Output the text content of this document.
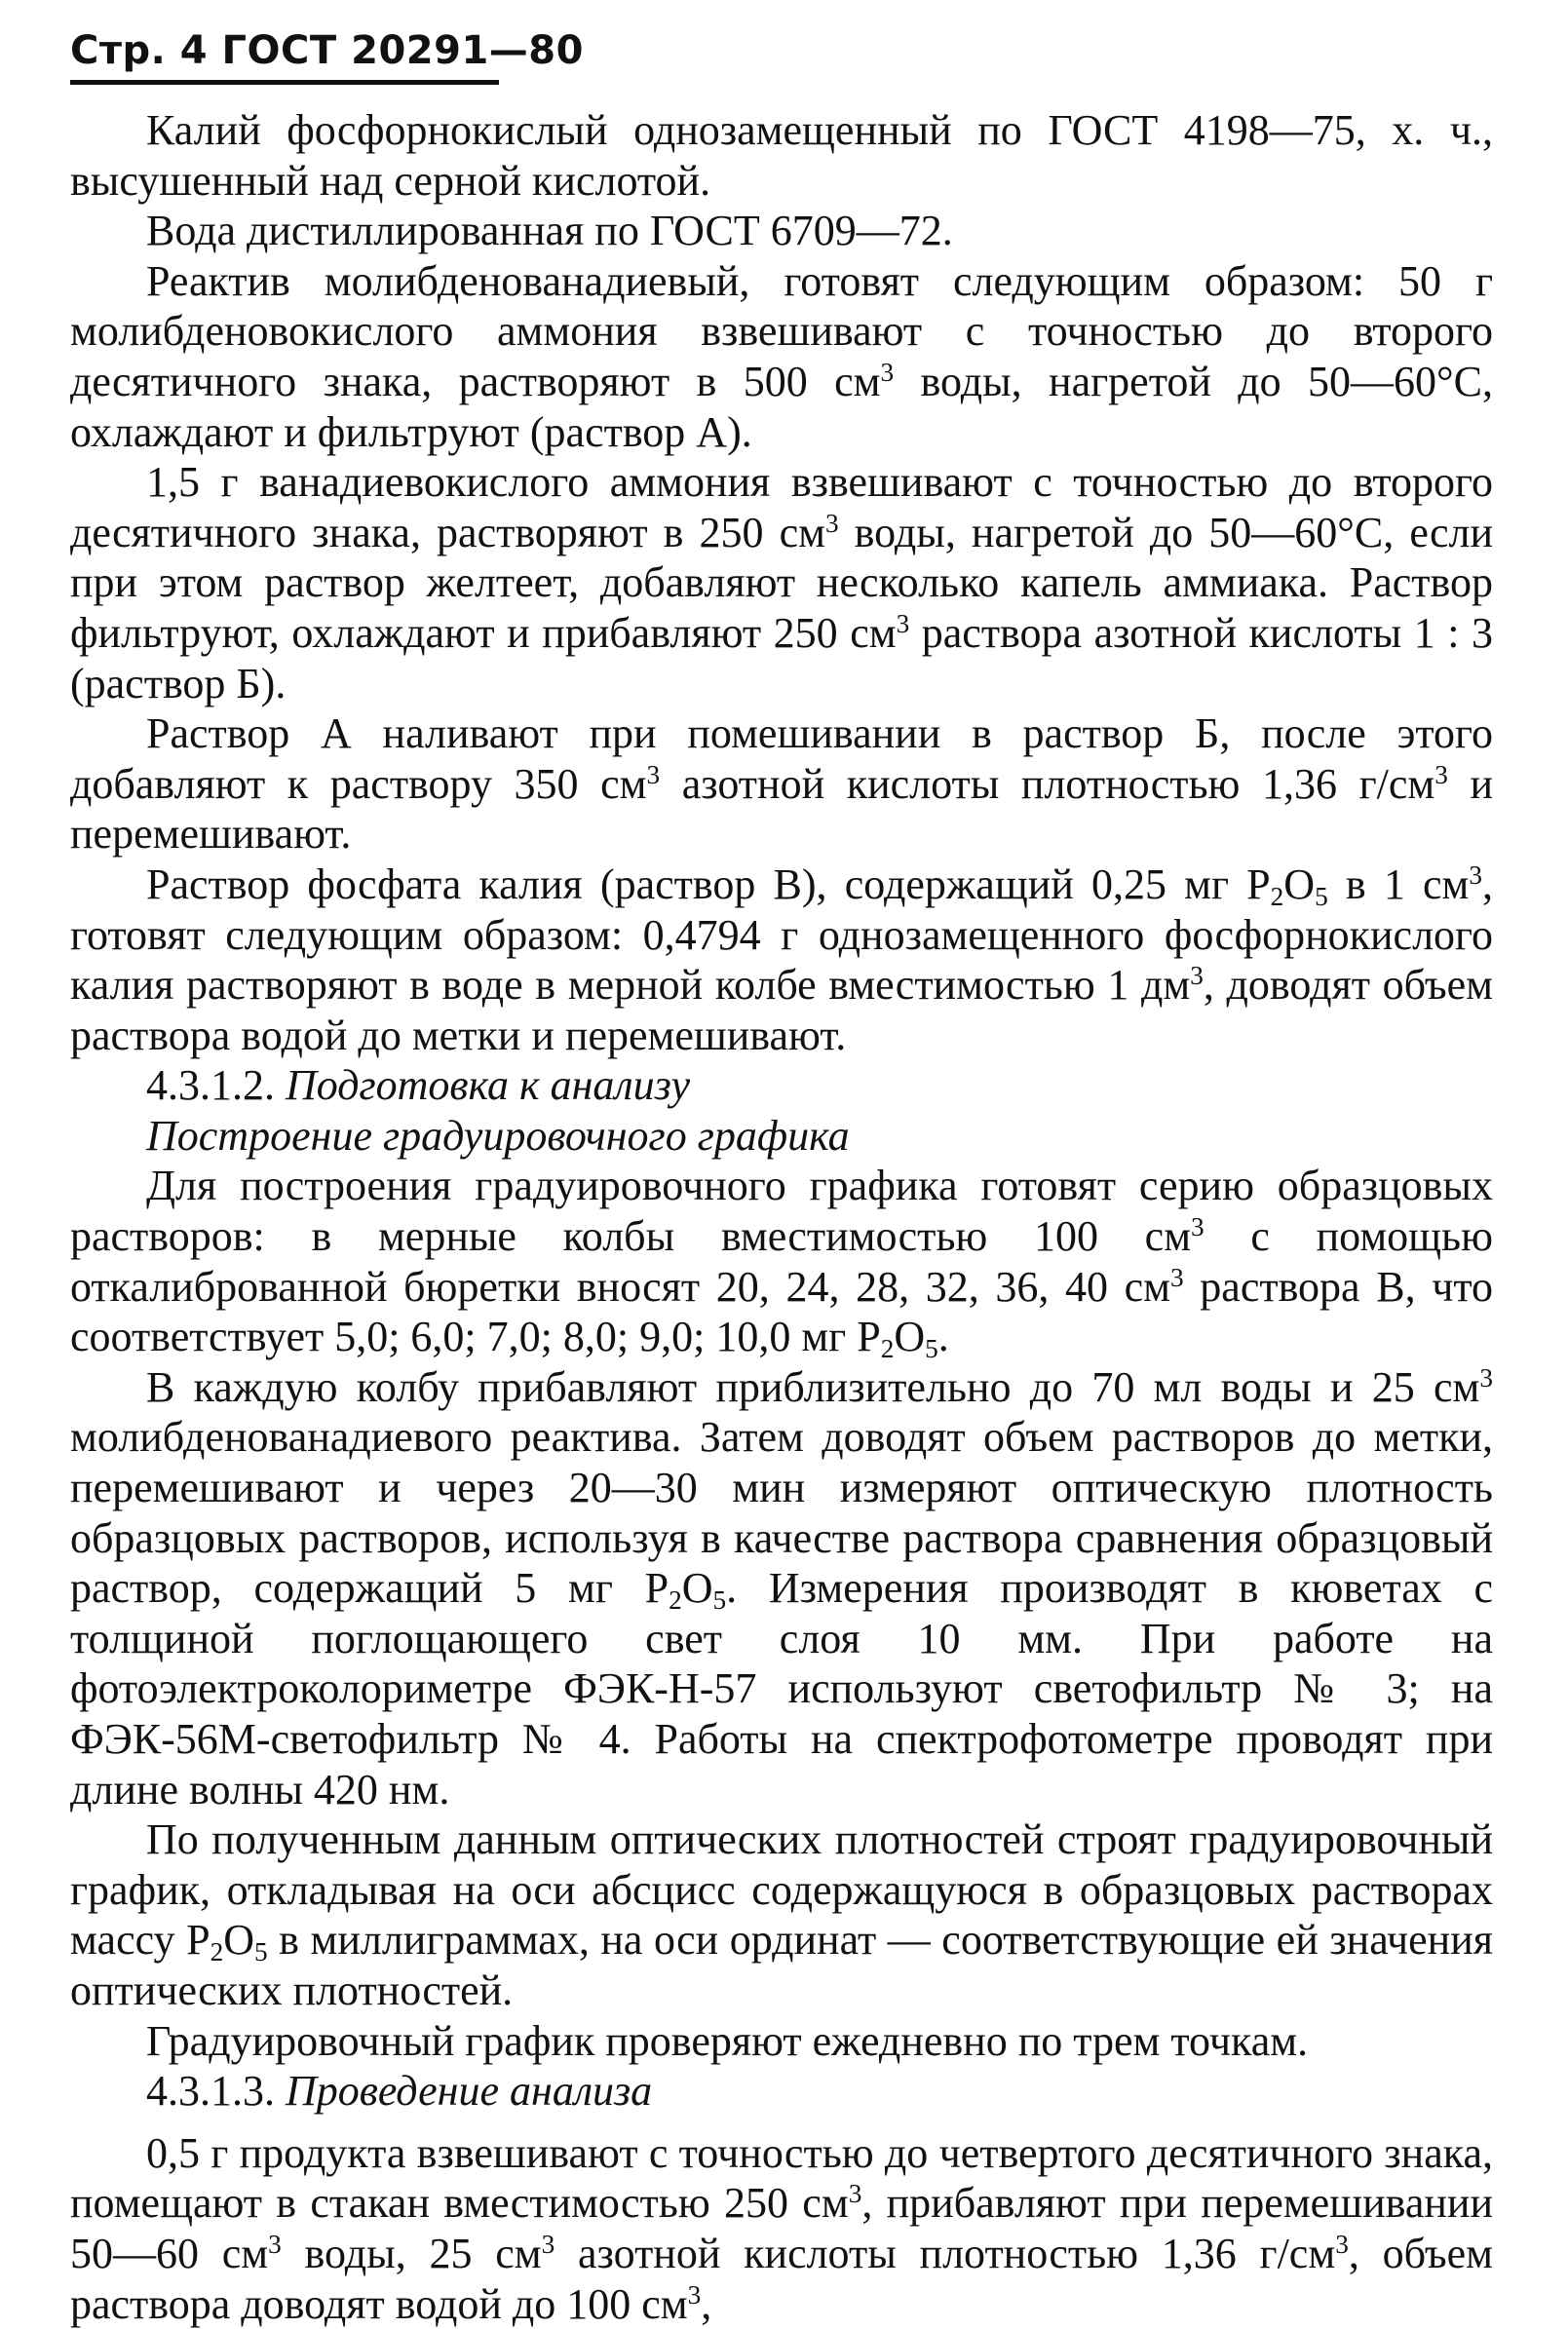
Стр. 4 ГОСТ 20291—80

Калий фосфорнокислый однозамещенный по ГОСТ 4198—75, х. ч., высушенный над серной кислотой.

Вода дистиллированная по ГОСТ 6709—72.

Реактив молибденованадиевый, готовят следующим образом: 50 г молибденовокислого аммония взвешивают с точностью до второго десятичного знака, растворяют в 500 $см^3$ воды, нагретой до 50—60°С, охлаждают и фильтруют (раствор А).

1,5 г ванадиевокислого аммония взвешивают с точностью до второго десятичного знака, растворяют в 250 $см^3$ воды, нагретой до 50—60°С, если при этом раствор желтеет, добавляют несколько капель аммиака. Раствор фильтруют, охлаждают и прибавляют 250 $см^3$ раствора азотной кислоты 1 : 3 (раствор Б).

Раствор А наливают при помешивании в раствор Б, после этого добавляют к раствору 350 $см^3$ азотной кислоты плотностью 1,36 $г/см^3$ и перемешивают.

Раствор фосфата калия (раствор В), содержащий 0,25 мг $P_2O_5$ в 1 $см^3$, готовят следующим образом: 0,4794 г однозамещенного фосфорнокислого калия растворяют в воде в мерной колбе вместимостью 1 $дм^3$, доводят объем раствора водой до метки и перемешивают.

4.3.1.2. Подготовка к анализу

Построение градуировочного графика

Для построения градуировочного графика готовят серию образцовых растворов: в мерные колбы вместимостью 100 $см^3$ с помощью откалиброванной бюретки вносят 20, 24, 28, 32, 36, 40 $см^3$ раствора В, что соответствует 5,0; 6,0; 7,0; 8,0; 9,0; 10,0 мг $P_2O_5$.

В каждую колбу прибавляют приблизительно до 70 мл воды и 25 $см^3$ молибденованадиевого реактива. Затем доводят объем растворов до метки, перемешивают и через 20—30 мин измеряют оптическую плотность образцовых растворов, используя в качестве раствора сравнения образцовый раствор, содержащий 5 мг $P_2O_5$. Измерения производят в кюветах с толщиной поглощающего свет слоя 10 мм. При работе на фотоэлектроколориметре ФЭК-Н-57 используют светофильтр № 3; на ФЭК-56М-светофильтр № 4. Работы на спектрофотометре проводят при длине волны 420 нм.

По полученным данным оптических плотностей строят градуировочный график, откладывая на оси абсцисс содержащуюся в образцовых растворах массу $P_2O_5$ в миллиграммах, на оси ординат — соответствующие ей значения оптических плотностей.

Градуировочный график проверяют ежедневно по трем точкам.

4.3.1.3. Проведение анализа

0,5 г продукта взвешивают с точностью до четвертого десятичного знака, помещают в стакан вместимостью 250 $см^3$, прибавляют при перемешивании 50—60 $см^3$ воды, 25 $см^3$ азотной кислоты плотностью 1,36 $г/см^3$, объем раствора доводят водой до 100 $см^3$,
